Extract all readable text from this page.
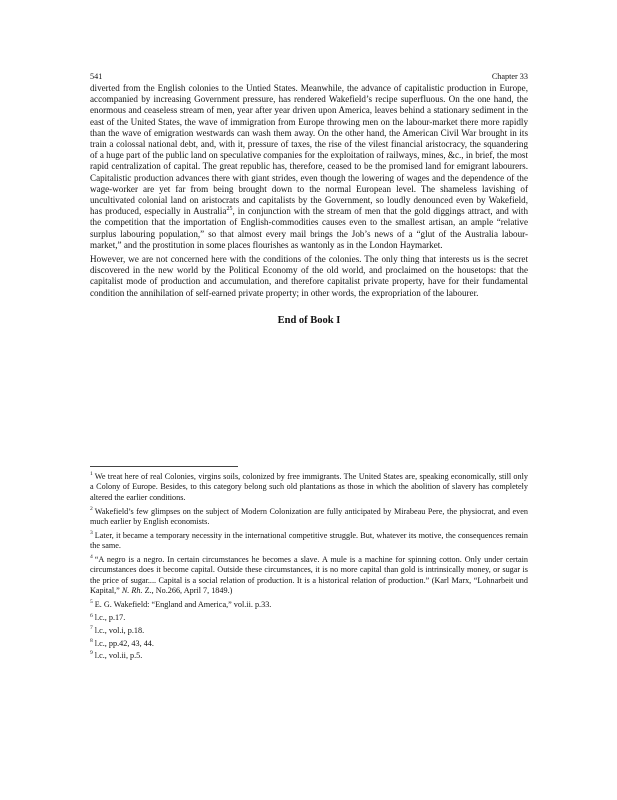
541	Chapter 33

diverted from the English colonies to the Untied States. Meanwhile, the advance of capitalistic production in Europe, accompanied by increasing Government pressure, has rendered Wakefield’s recipe superfluous. On the one hand, the enormous and ceaseless stream of men, year after year driven upon America, leaves behind a stationary sediment in the east of the United States, the wave of immigration from Europe throwing men on the labour-market there more rapidly than the wave of emigration westwards can wash them away. On the other hand, the American Civil War brought in its train a colossal national debt, and, with it, pressure of taxes, the rise of the vilest financial aristocracy, the squandering of a huge part of the public land on speculative companies for the exploitation of railways, mines, &c., in brief, the most rapid centralization of capital. The great republic has, therefore, ceased to be the promised land for emigrant labourers. Capitalistic production advances there with giant strides, even though the lowering of wages and the dependence of the wage-worker are yet far from being brought down to the normal European level. The shameless lavishing of uncultivated colonial land on aristocrats and capitalists by the Government, so loudly denounced even by Wakefield, has produced, especially in Australia$^{25}$, in conjunction with the stream of men that the gold diggings attract, and with the competition that the importation of English-commodities causes even to the smallest artisan, an ample “relative surplus labouring population,” so that almost every mail brings the Job’s news of a “glut of the Australia labour-market,” and the prostitution in some places flourishes as wantonly as in the London Haymarket.

However, we are not concerned here with the conditions of the colonies. The only thing that interests us is the secret discovered in the new world by the Political Economy of the old world, and proclaimed on the housetops: that the capitalist mode of production and accumulation, and therefore capitalist private property, have for their fundamental condition the annihilation of self-earned private property; in other words, the expropriation of the labourer.

End of Book I

$^1$ We treat here of real Colonies, virgins soils, colonized by free immigrants. The United States are, speaking economically, still only a Colony of Europe. Besides, to this category belong such old plantations as those in which the abolition of slavery has completely altered the earlier conditions.

$^2$ Wakefield’s few glimpses on the subject of Modern Colonization are fully anticipated by Mirabeau Pere, the physiocrat, and even much earlier by English economists.

$^3$ Later, it became a temporary necessity in the international competitive struggle. But, whatever its motive, the consequences remain the same.

$^4$ “A negro is a negro. In certain circumstances he becomes a slave. A mule is a machine for spinning cotton. Only under certain circumstances does it become capital. Outside these circumstances, it is no more capital than gold is intrinsically money, or sugar is the price of sugar.... Capital is a social relation of production. It is a historical relation of production.” (Karl Marx, “Lohnarbeit und Kapital,” N. Rh. Z., No.266, April 7, 1849.)

$^5$ E. G. Wakefield: “England and America,” vol.ii. p.33.

$^6$ l.c., p.17.

$^7$ l.c., vol.i, p.18.

$^8$ l.c., pp.42, 43, 44.

$^9$ l.c., vol.ii, p.5.
